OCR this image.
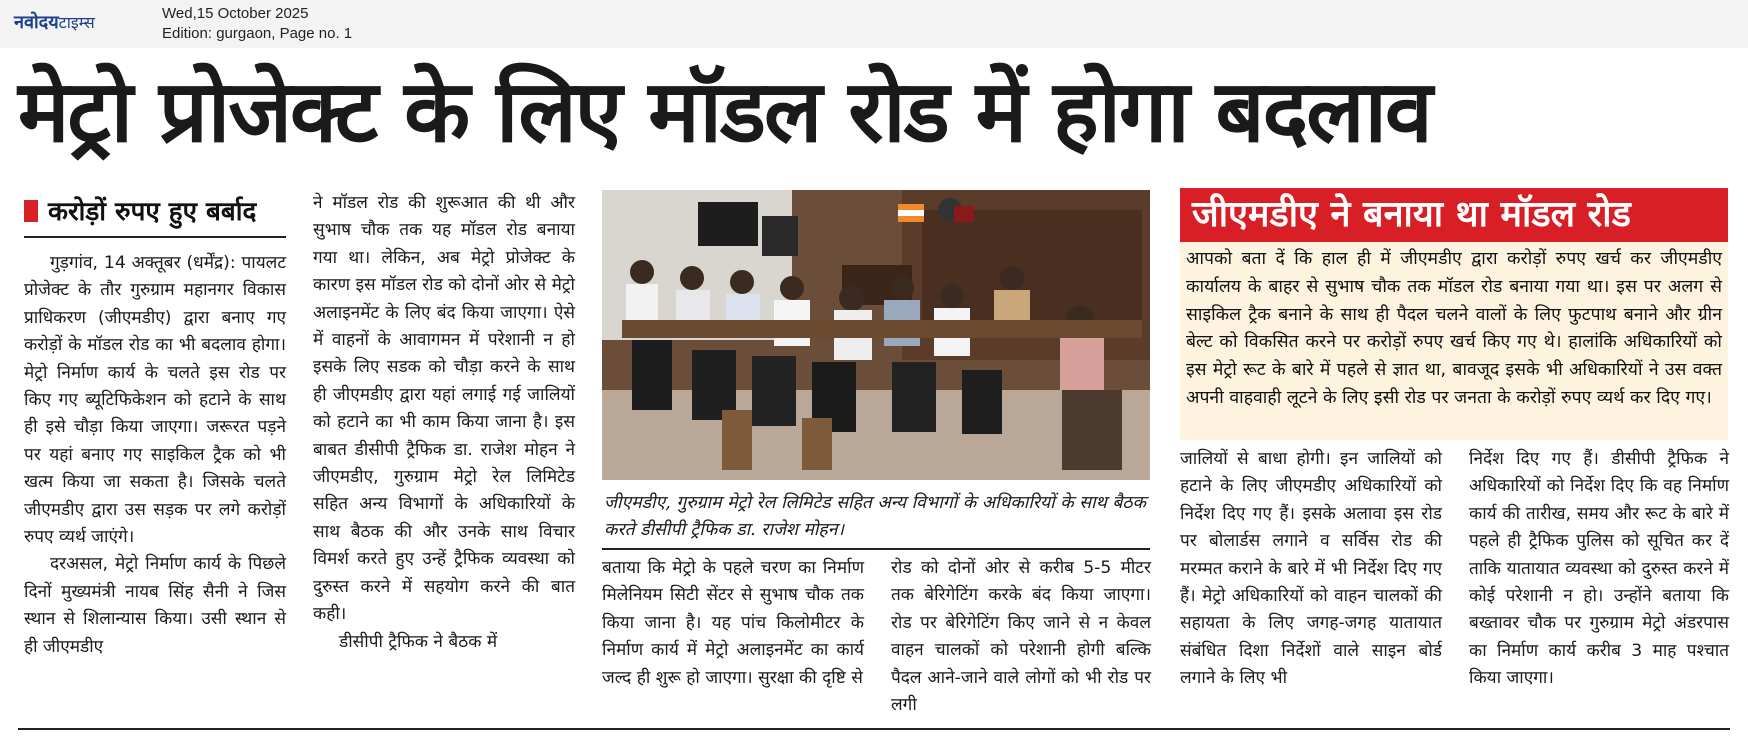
नवोदयटाइम्स	Wed,15 October 2025
Edition: gurgaon, Page no. 1
मेट्रो प्रोजेक्ट के लिए मॉडल रोड में होगा बदलाव
करोड़ों रुपए हुए बर्बाद

गुड़गांव, 14 अक्तूबर (धर्मेंद्र): पायलट प्रोजेक्ट के तौर गुरुग्राम महानगर विकास प्राधिकरण (जीएमडीए) द्वारा बनाए गए करोड़ों के मॉडल रोड का भी बदलाव होगा। मेट्रो निर्माण कार्य के चलते इस रोड पर किए गए ब्यूटिफिकेशन को हटाने के साथ ही इसे चौड़ा किया जाएगा। जरूरत पड़ने पर यहां बनाए गए साइकिल ट्रैक को भी खत्म किया जा सकता है। जिसके चलते जीएमडीए द्वारा उस सड़क पर लगे करोड़ों रुपए व्यर्थ जाएंगे।

दरअसल, मेट्रो निर्माण कार्य के पिछले दिनों मुख्यमंत्री नायब सिंह सैनी ने जिस स्थान से शिलान्यास किया। उसी स्थान से ही जीएमडीए

ने मॉडल रोड की शुरूआत की थी और सुभाष चौक तक यह मॉडल रोड बनाया गया था। लेकिन, अब मेट्रो प्रोजेक्ट के कारण इस मॉडल रोड को दोनों ओर से मेट्रो अलाइनमेंट के लिए बंद किया जाएगा। ऐसे में वाहनों के आवागमन में परेशानी न हो इसके लिए सडक को चौड़ा करने के साथ ही जीएमडीए द्वारा यहां लगाई गई जालियों को हटाने का भी काम किया जाना है। इस बाबत डीसीपी ट्रैफिक डा. राजेश मोहन ने जीएमडीए, गुरुग्राम मेट्रो रेल लिमिटेड सहित अन्य विभागों के अधिकारियों के साथ बैठक की और उनके साथ विचार विमर्श करते हुए उन्हें ट्रैफिक व्यवस्था को दुरुस्त करने में सहयोग करने की बात कही।

डीसीपी ट्रैफिक ने बैठक में

जीएमडीए, गुरुग्राम मेट्रो रेल लिमिटेड सहित अन्य विभागों के अधिकारियों के साथ बैठक करते डीसीपी ट्रैफिक डा. राजेश मोहन।

बताया कि मेट्रो के पहले चरण का निर्माण मिलेनियम सिटी सेंटर से सुभाष चौक तक किया जाना है। यह पांच किलोमीटर के निर्माण कार्य में मेट्रो अलाइनमेंट का कार्य जल्द ही शुरू हो जाएगा। सुरक्षा की दृष्टि से

रोड को दोनों ओर से करीब 5-5 मीटर तक बेरिगेटिंग करके बंद किया जाएगा। रोड पर बेरिगेटिंग किए जाने से न केवल वाहन चालकों को परेशानी होगी बल्कि पैदल आने-जाने वाले लोगों को भी रोड पर लगी

जीएमडीए ने बनाया था मॉडल रोड
आपको बता दें कि हाल ही में जीएमडीए द्वारा करोड़ों रुपए खर्च कर जीएमडीए कार्यालय के बाहर से सुभाष चौक तक मॉडल रोड बनाया गया था। इस पर अलग से साइकिल ट्रैक बनाने के साथ ही पैदल चलने वालों के लिए फुटपाथ बनाने और ग्रीन बेल्ट को विकसित करने पर करोड़ों रुपए खर्च किए गए थे। हालांकि अधिकारियों को इस मेट्रो रूट के बारे में पहले से ज्ञात था, बावजूद इसके भी अधिकारियों ने उस वक्त अपनी वाहवाही लूटने के लिए इसी रोड पर जनता के करोड़ों रुपए व्यर्थ कर दिए गए।

जालियों से बाधा होगी। इन जालियों को हटाने के लिए जीएमडीए अधिकारियों को निर्देश दिए गए हैं। इसके अलावा इस रोड पर बोलार्डस लगाने व सर्विस रोड की मरम्मत कराने के बारे में भी निर्देश दिए गए हैं। मेट्रो अधिकारियों को वाहन चालकों की सहायता के लिए जगह-जगह यातायात संबंधित दिशा निर्देशों वाले साइन बोर्ड लगाने के लिए भी

निर्देश दिए गए हैं। डीसीपी ट्रैफिक ने अधिकारियों को निर्देश दिए कि वह निर्माण कार्य की तारीख, समय और रूट के बारे में पहले ही ट्रैफिक पुलिस को सूचित कर दें ताकि यातायात व्यवस्था को दुरुस्त करने में कोई परेशानी न हो। उन्होंने बताया कि बख्तावर चौक पर गुरुग्राम मेट्रो अंडरपास का निर्माण कार्य करीब 3 माह पश्चात किया जाएगा।
